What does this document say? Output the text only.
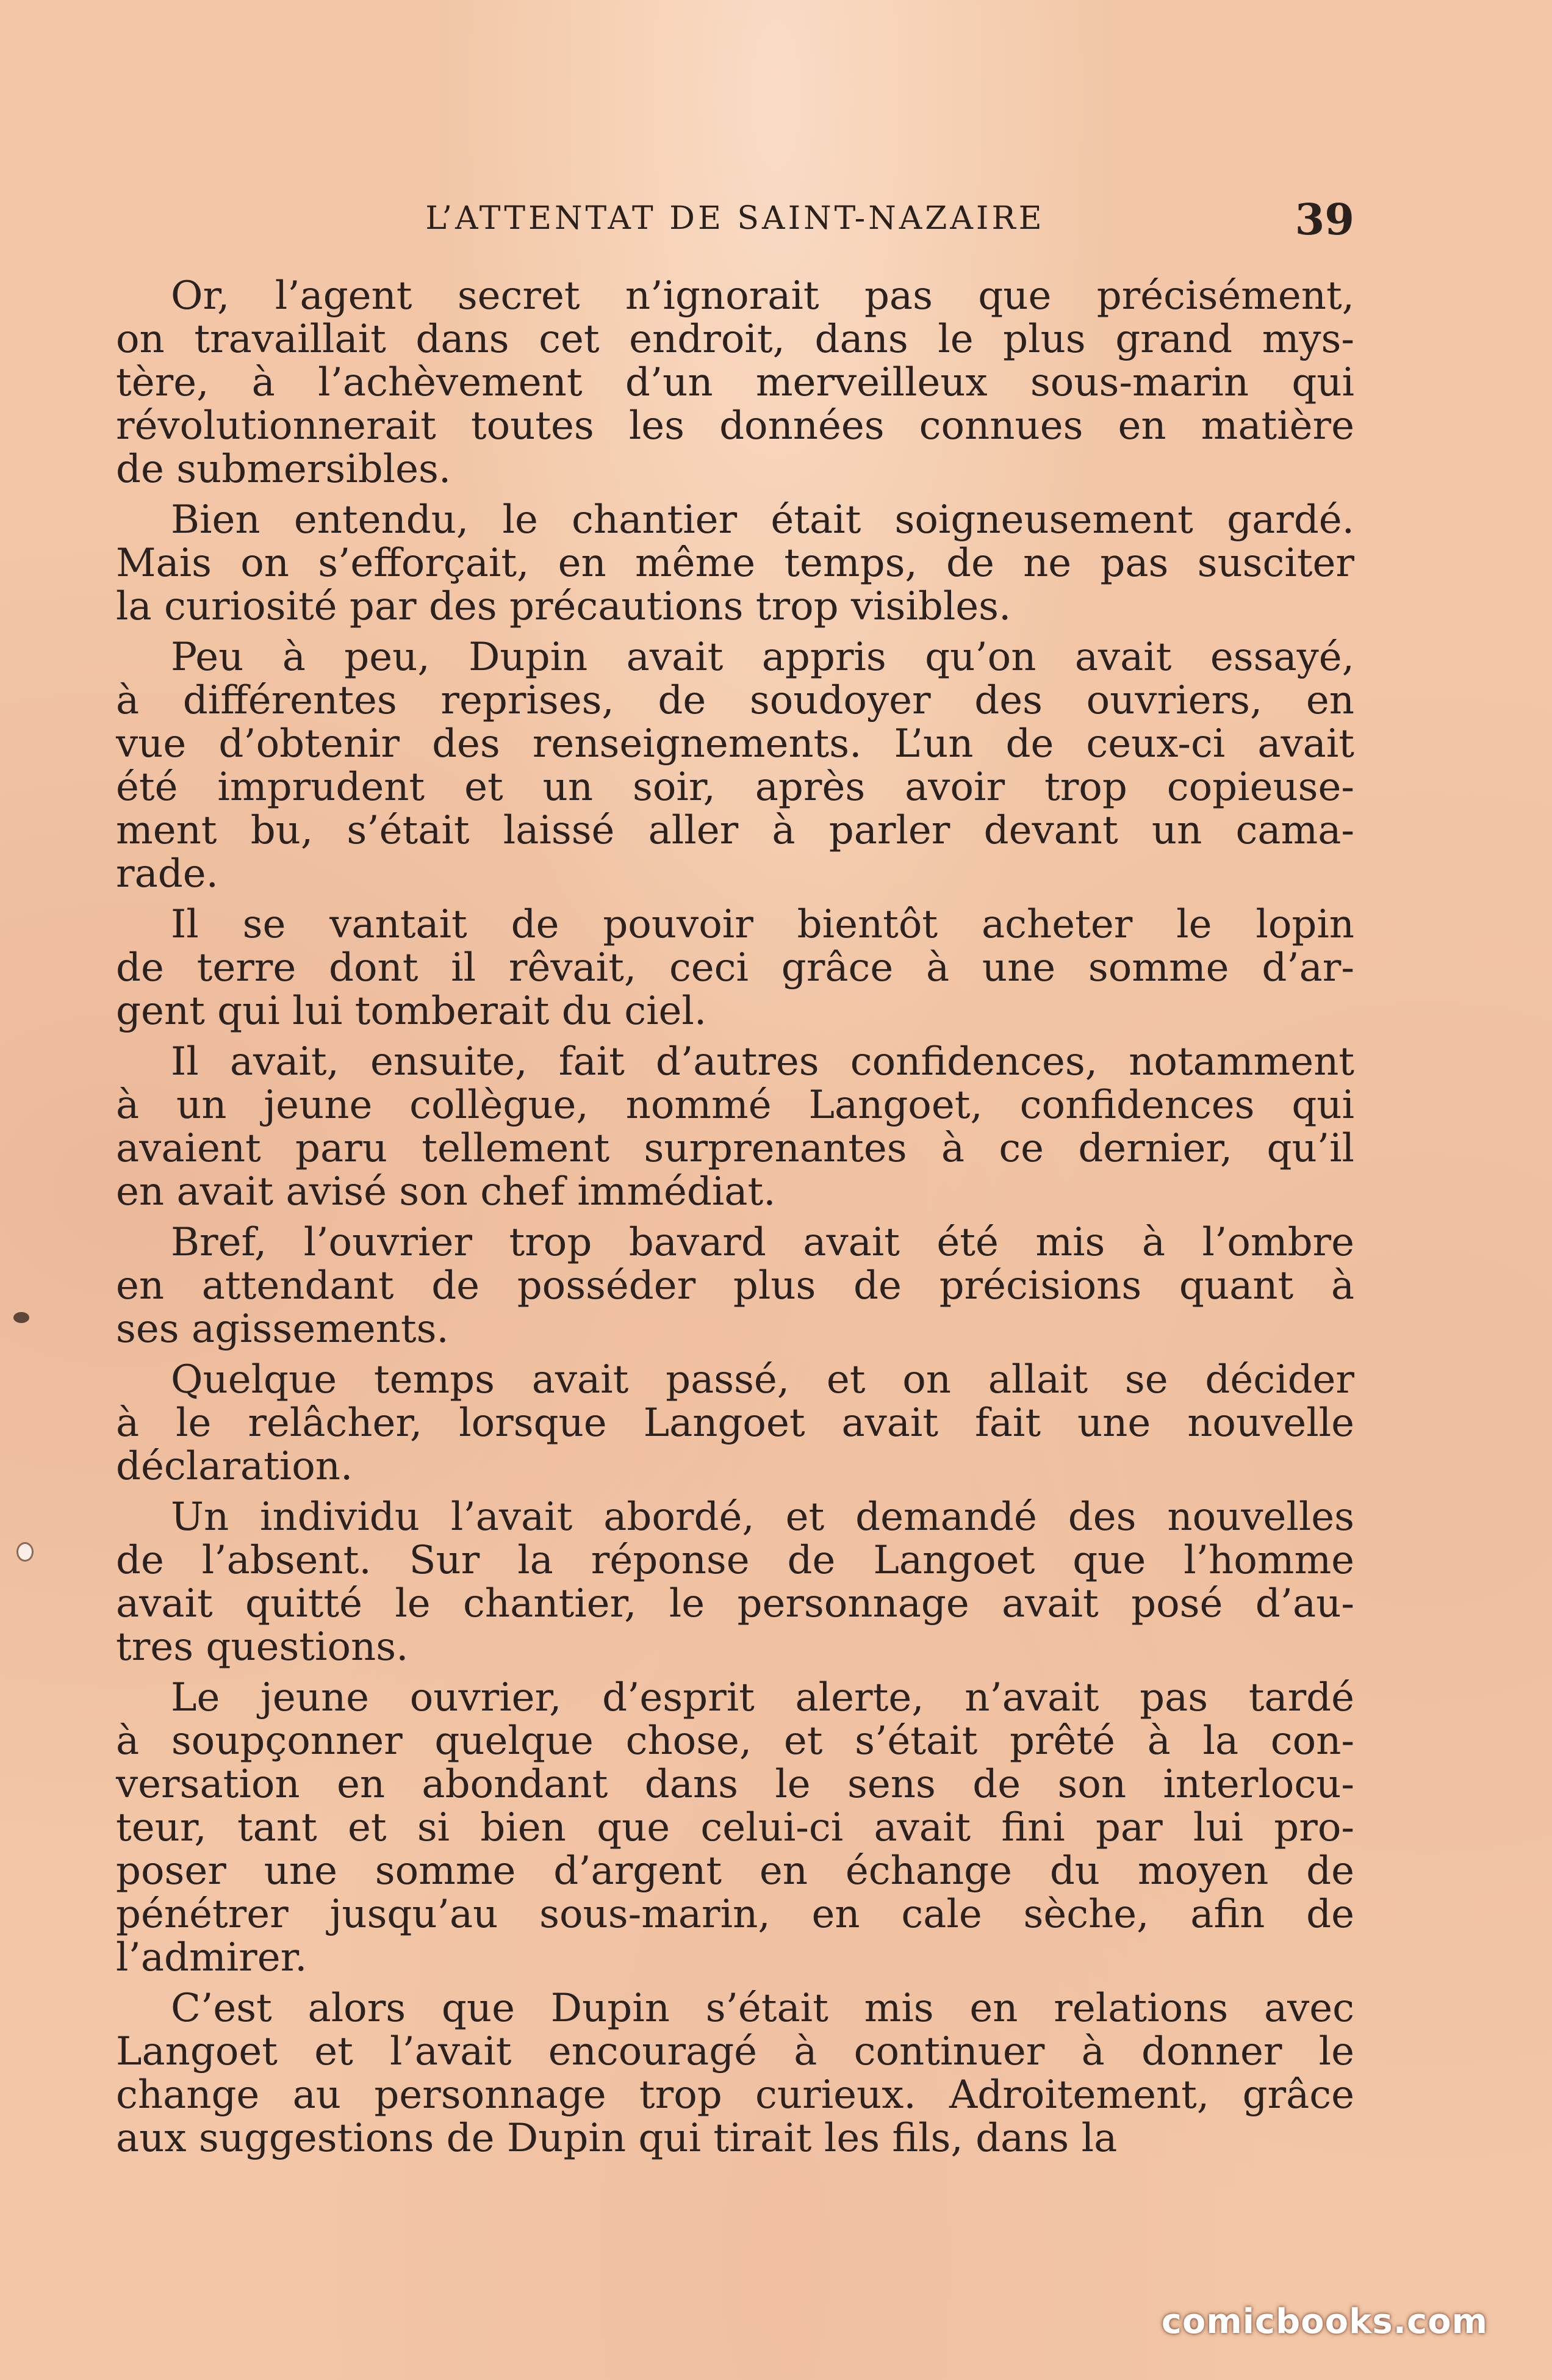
L’ATTENTAT DE SAINT-NAZAIRE	39
Or, l’agent secret n’ignorait pas que précisément,
on travaillait dans cet endroit, dans le plus grand mys-
tère, à l’achèvement d’un merveilleux sous-marin qui
révolutionnerait toutes les données connues en matière
de submersibles.
Bien entendu, le chantier était soigneusement gardé.
Mais on s’efforçait, en même temps, de ne pas susciter
la curiosité par des précautions trop visibles.
Peu à peu, Dupin avait appris qu’on avait essayé,
à différentes reprises, de soudoyer des ouvriers, en
vue d’obtenir des renseignements. L’un de ceux-ci avait
été imprudent et un soir, après avoir trop copieuse-
ment bu, s’était laissé aller à parler devant un cama-
rade.
Il se vantait de pouvoir bientôt acheter le lopin
de terre dont il rêvait, ceci grâce à une somme d’ar-
gent qui lui tomberait du ciel.
Il avait, ensuite, fait d’autres confidences, notamment
à un jeune collègue, nommé Langoet, confidences qui
avaient paru tellement surprenantes à ce dernier, qu’il
en avait avisé son chef immédiat.
Bref, l’ouvrier trop bavard avait été mis à l’ombre
en attendant de posséder plus de précisions quant à
ses agissements.
Quelque temps avait passé, et on allait se décider
à le relâcher, lorsque Langoet avait fait une nouvelle
déclaration.
Un individu l’avait abordé, et demandé des nouvelles
de l’absent. Sur la réponse de Langoet que l’homme
avait quitté le chantier, le personnage avait posé d’au-
tres questions.
Le jeune ouvrier, d’esprit alerte, n’avait pas tardé
à soupçonner quelque chose, et s’était prêté à la con-
versation en abondant dans le sens de son interlocu-
teur, tant et si bien que celui-ci avait fini par lui pro-
poser une somme d’argent en échange du moyen de
pénétrer jusqu’au sous-marin, en cale sèche, afin de
l’admirer.
C’est alors que Dupin s’était mis en relations avec
Langoet et l’avait encouragé à continuer à donner le
change au personnage trop curieux. Adroitement, grâce
aux suggestions de Dupin qui tirait les fils, dans la
comicbooks.com
